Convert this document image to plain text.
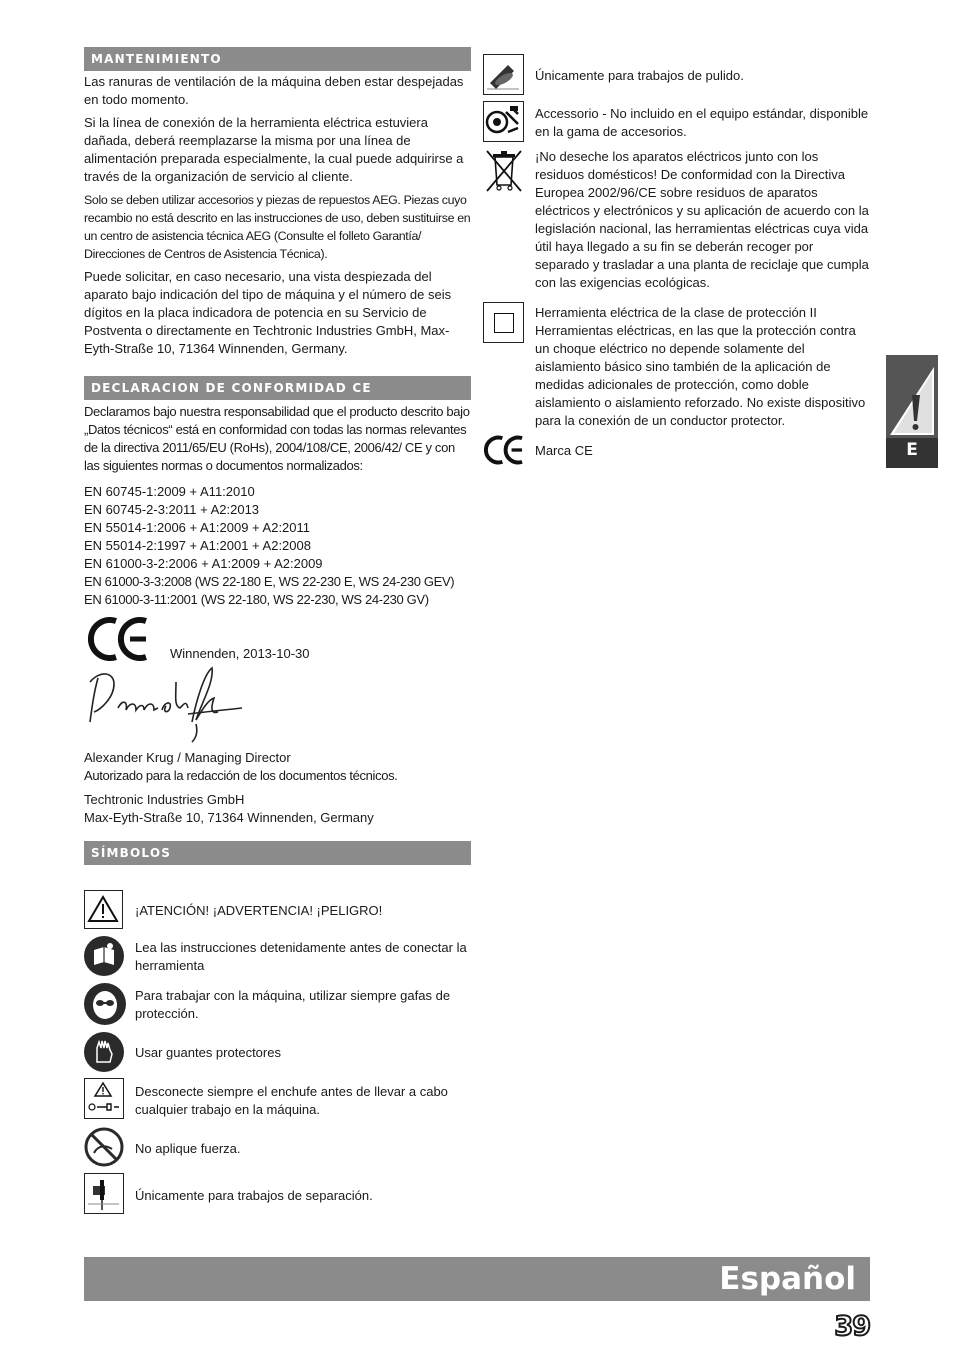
MANTENIMIENTO

Las ranuras de ventilación de la máquina deben estar despejadas en todo momento.

Si la línea de conexión de la herramienta eléctrica estuviera dañada, deberá reemplazarse la misma por una línea de alimentación preparada especialmente, la cual puede adquirirse a través de la organización de servicio al cliente.

Solo se deben utilizar accesorios y piezas de repuestos AEG. Piezas cuyo recambio no está descrito en las instrucciones de uso, deben sustituirse en un centro de asistencia técnica AEG (Consulte el folleto Garantía/ Direcciones de Centros de Asistencia Técnica).

Puede solicitar, en caso necesario, una vista despiezada del aparato bajo indicación del tipo de máquina y el número de seis dígitos en la placa indicadora de potencia en su Servicio de Postventa o directamente en Techtronic Industries GmbH, Max-Eyth-Straße 10, 71364 Winnenden, Germany.

DECLARACION DE CONFORMIDAD CE

Declaramos bajo nuestra responsabilidad que el producto descrito bajo „Datos técnicos“ está en conformidad con todas las normas relevantes de la directiva 2011/65/EU (RoHs), 2004/108/CE, 2006/42/ CE y con las siguientes normas o documentos normalizados:

EN 60745-1:2009 + A11:2010
EN 60745-2-3:2011 + A2:2013
EN 55014-1:2006 + A1:2009 + A2:2011
EN 55014-2:1997 + A1:2001 + A2:2008
EN 61000-3-2:2006 + A1:2009 + A2:2009
EN 61000-3-3:2008 (WS 22-180 E, WS 22-230 E, WS 24-230 GEV)
EN 61000-3-11:2001 (WS 22-180, WS 22-230, WS 24-230 GV)
Winnenden, 2013-10-30
Alexander Krug / Managing Director
Autorizado para la redacción de los documentos técnicos.
Techtronic Industries GmbH
Max-Eyth-Straße 10, 71364 Winnenden, Germany
SÍMBOLOS
¡ATENCIÓN! ¡ADVERTENCIA! ¡PELIGRO!
Lea las instrucciones detenidamente antes de conectar la herramienta
Para trabajar con la máquina, utilizar siempre gafas de protección.
Usar guantes protectores
Desconecte siempre el enchufe antes de llevar a cabo cualquier trabajo en la máquina.
No aplique fuerza.
Únicamente para trabajos de separación.
Únicamente para trabajos de pulido.
Accessorio - No incluido en el equipo estándar, disponible en la gama de accesorios.
¡No deseche los aparatos eléctricos junto con los residuos domésticos! De conformidad con la Directiva Europea 2002/96/CE sobre residuos de aparatos eléctricos y electrónicos y su aplicación de acuerdo con la legislación nacional, las herramientas eléctricas cuya vida útil haya llegado a su fin se deberán recoger por separado y trasladar a una planta de reciclaje que cumpla con las exigencias ecológicas.
Herramienta eléctrica de la clase de protección II Herramientas eléctricas, en las que la protección contra un choque eléctrico no depende solamente del aislamiento básico sino también de la aplicación de medidas adicionales de protección, como doble aislamiento o aislamiento reforzado. No existe dispositivo para la conexión de un conductor protector.
Marca CE	E
Español
39
